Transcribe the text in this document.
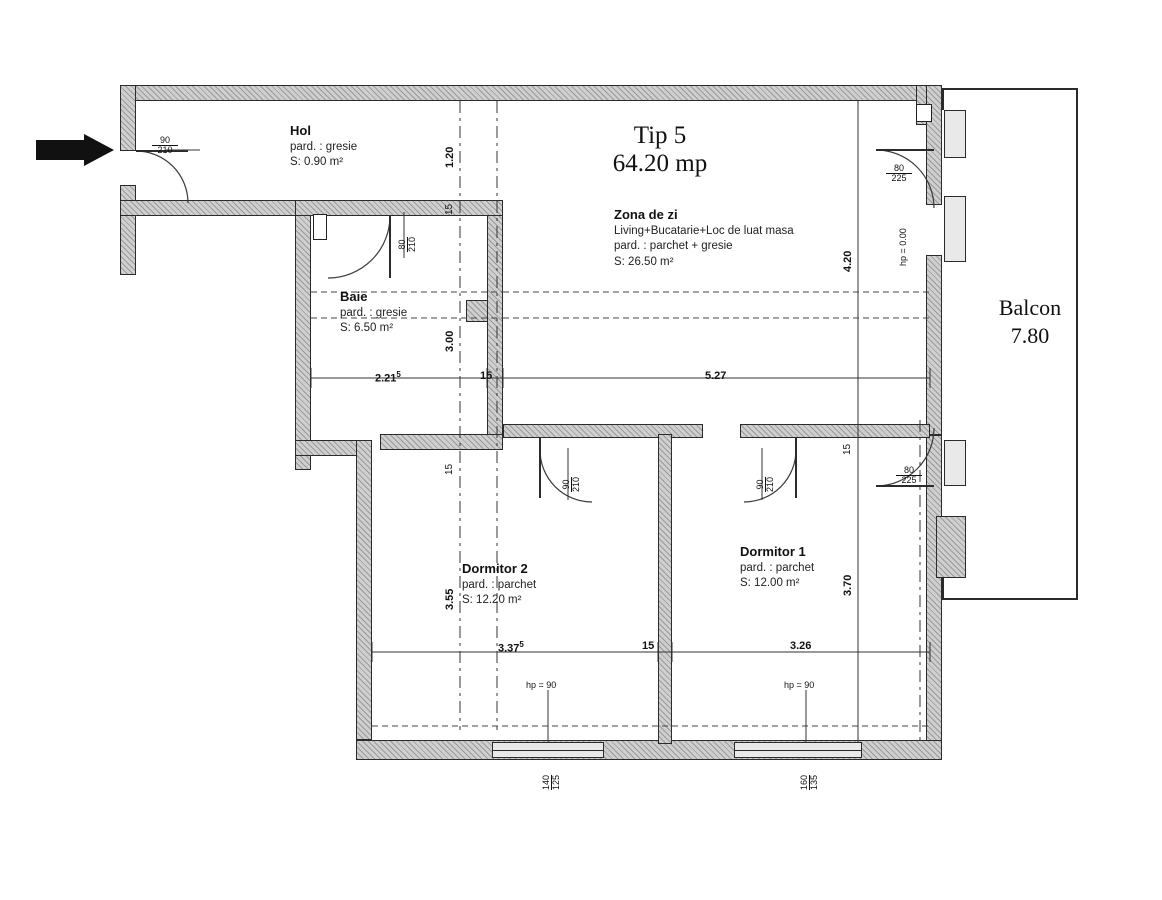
Tip 5
64.20 mp
Balcon
7.80
Hol
pard. : gresie
S: 0.90 m²
Baie
pard. : gresie
S: 6.50 m²
Zona de zi
Living+Bucatarie+Loc de luat masa
pard. : parchet + gresie
S: 26.50 m²
Dormitor 2
pard. : parchet
S: 12.20 m²
Dormitor 1
pard. : parchet
S: 12.00 m²
2.21$^5$	15	5.27
3.37$^5$	15	3.26
1.20
15
3.00
15
3.55
4.20
15
3.70
90
210
80 210
80
225
80
225
90 210	90 210
140 125	160 135
hp = 0.00
hp = 90	hp = 90
